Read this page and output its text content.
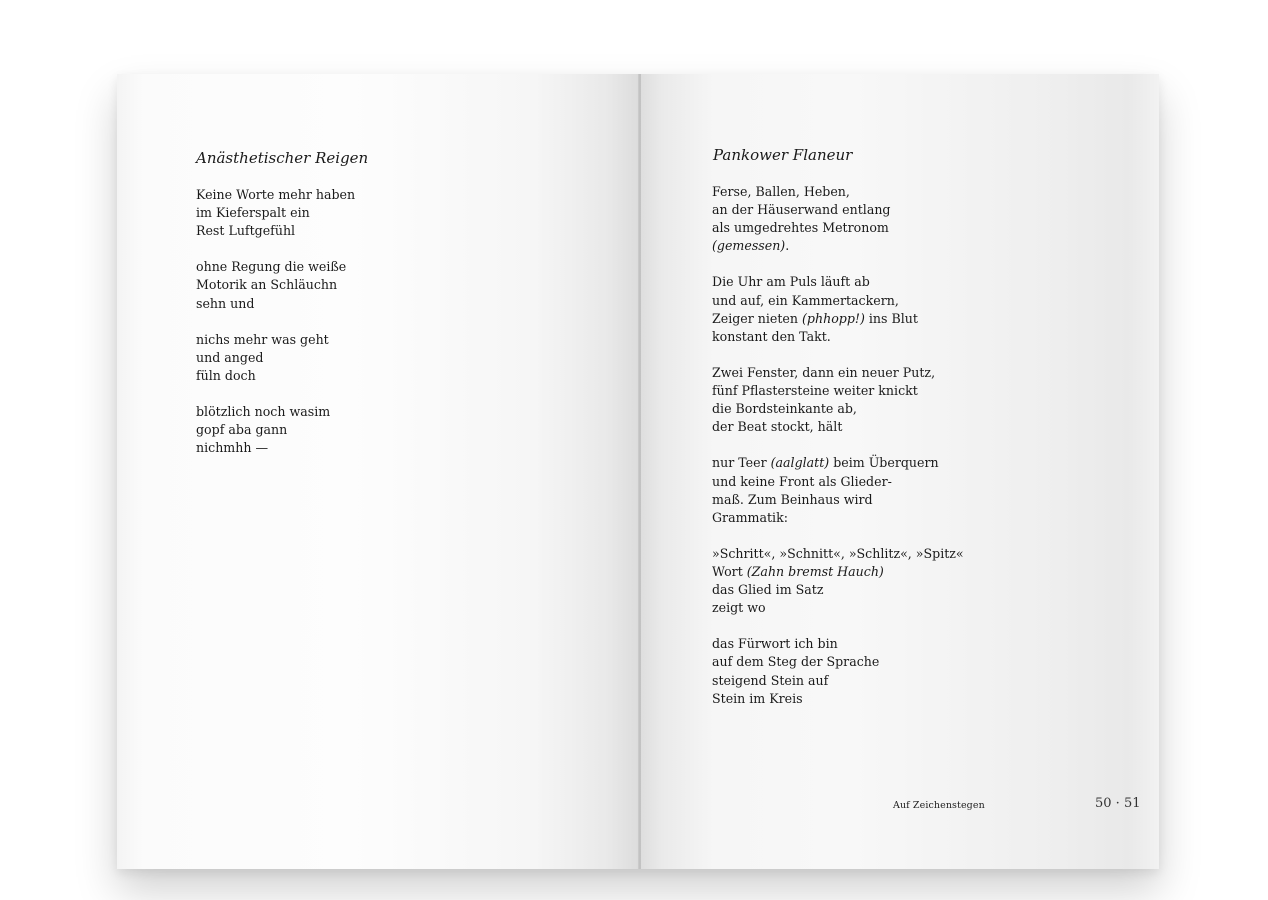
Anästhetischer Reigen
Keine Worte mehr haben
im Kieferspalt ein
Rest Luftgefühl
ohne Regung die weiße
Motorik an Schläuchn
sehn und
nichs mehr was geht
und anged
füln doch
blötzlich noch wasim
gopf aba gann
nichmhh —
Pankower Flaneur
Ferse, Ballen, Heben,
an der Häuserwand entlang
als umgedrehtes Metronom
(gemessen).
Die Uhr am Puls läuft ab
und auf, ein Kammertackern,
Zeiger nieten (phhopp!) ins Blut
konstant den Takt.
Zwei Fenster, dann ein neuer Putz,
fünf Pflastersteine weiter knickt
die Bordsteinkante ab,
der Beat stockt, hält
nur Teer (aalglatt) beim Überquern
und keine Front als Glieder-
maß. Zum Beinhaus wird
Grammatik:
»Schritt«, »Schnitt«, »Schlitz«, »Spitz«
Wort (Zahn bremst Hauch)
das Glied im Satz
zeigt wo
das Fürwort ich bin
auf dem Steg der Sprache
steigend Stein auf
Stein im Kreis
Auf Zeichenstegen	50 · 51
